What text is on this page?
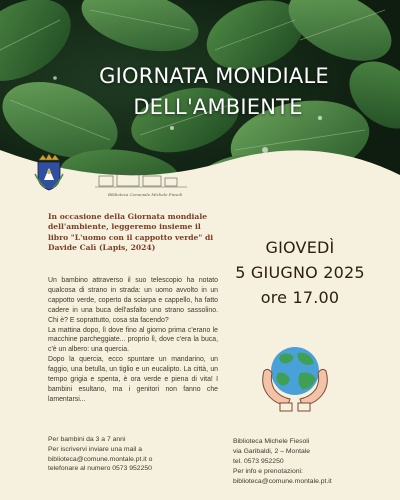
GIORNATA MONDIALE
DELL'AMBIENTE
Biblioteca Comunale Michele Fiesoli
In occasione della Giornata mondiale dell'ambiente, leggeremo insieme il libro "L'uomo con il cappotto verde" di Davide Calì (Lapis, 2024)

Un bambino attraverso il suo telescopio ha notato qualcosa di strano in strada: un uomo avvolto in un cappotto verde, coperto da sciarpa e cappello, ha fatto cadere in una buca dell'asfalto uno strano sassolino. Chi è? E soprattutto, cosa sta facendo?

La mattina dopo, lì dove fino al giorno prima c'erano le macchine parcheggiate... proprio lì, dove c'era la buca, c'è un albero: una quercia.

Dopo la quercia, ecco spuntare un mandarino, un faggio, una betulla, un tiglio e un eucalipto. La città, un tempo grigia e spenta, è ora verde e piena di vita! I bambini esultano, ma i genitori non fanno che lamentarsi...

Per bambini da 3 a 7 anni
Per iscrivervi inviare una mail a
biblioteca@comune.montale.pt.it o
telefonare al numero 0573 952250
GIOVEDÌ
5 GIUGNO 2025
ore 17.00
Biblioteca Michele Fiesoli
via Garibaldi, 2 – Montale
tel. 0573 952250
Per info e prenotazioni:
biblioteca@comune.montale.pt.it
